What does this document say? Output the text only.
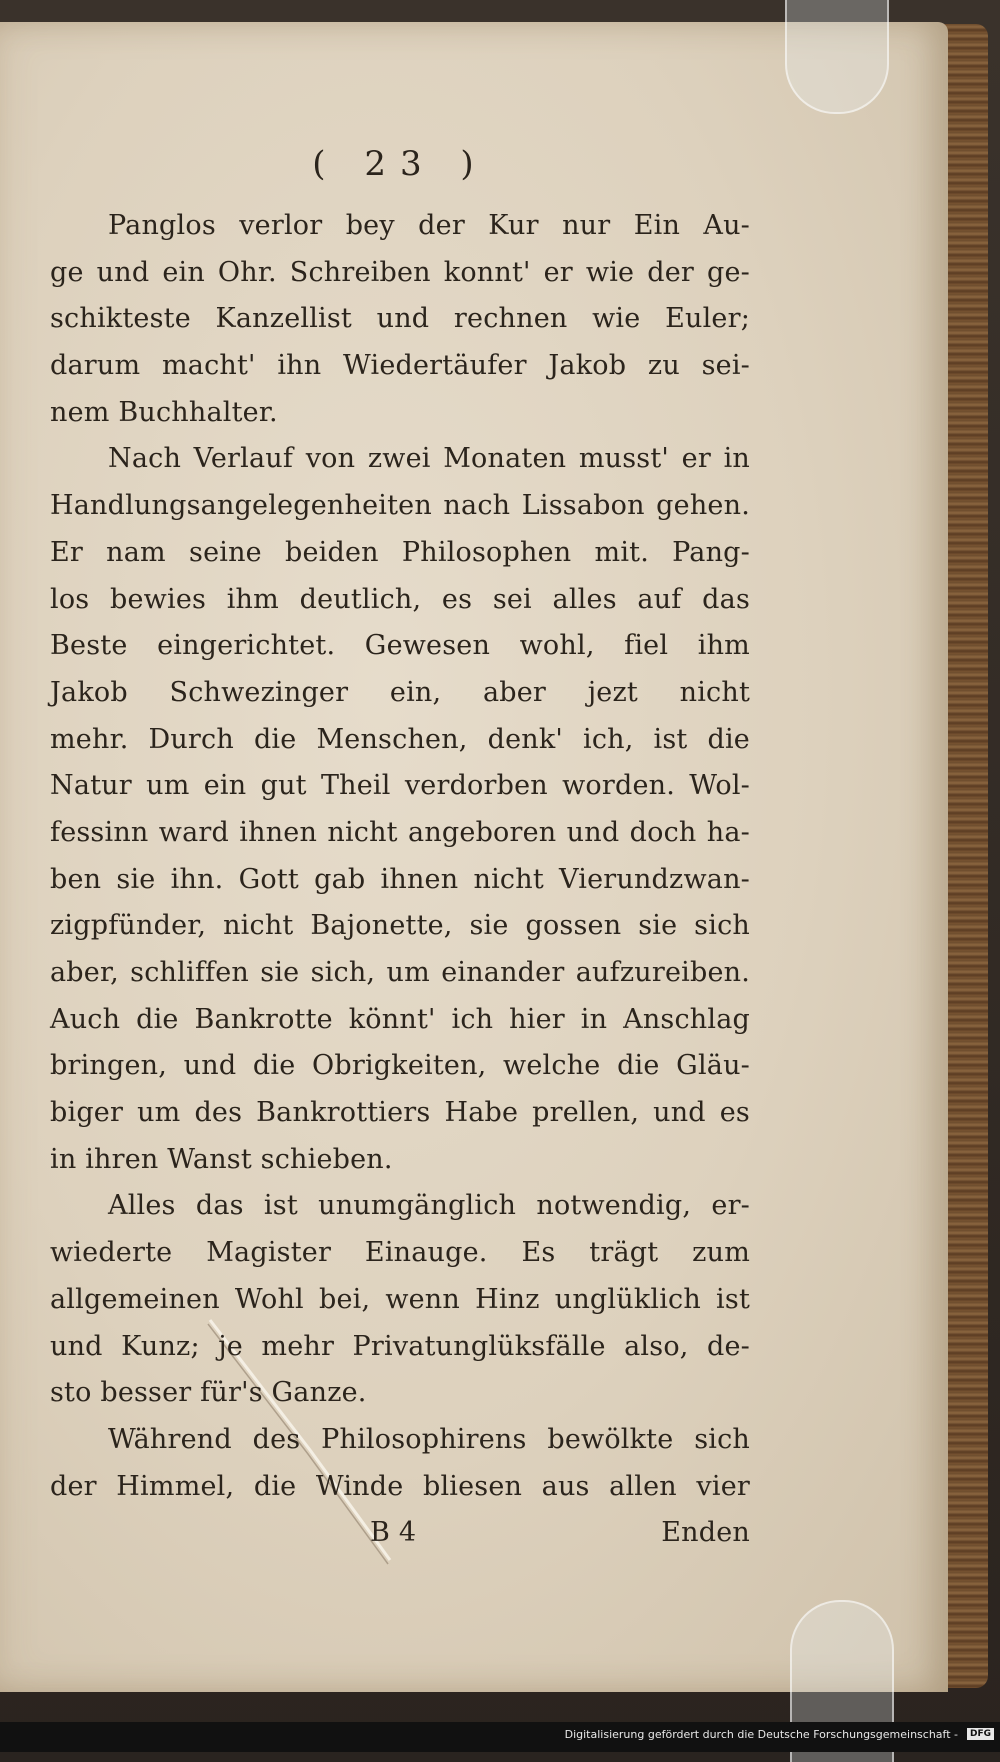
( 23 )
Panglos verlor bey der Kur nur Ein Au-
ge und ein Ohr. Schreiben konnt' er wie der ge-
schikteste Kanzellist und rechnen wie Euler;
darum macht' ihn Wiedertäufer Jakob zu sei-
nem Buchhalter.
Nach Verlauf von zwei Monaten musst' er in
Handlungsangelegenheiten nach Lissabon gehen.
Er nam seine beiden Philosophen mit. Pang-
los bewies ihm deutlich, es sei alles auf das
Beste eingerichtet. Gewesen wohl, fiel ihm
Jakob Schwezinger ein, aber jezt nicht
mehr. Durch die Menschen, denk' ich, ist die
Natur um ein gut Theil verdorben worden. Wol-
fessinn ward ihnen nicht angeboren und doch ha-
ben sie ihn. Gott gab ihnen nicht Vierundzwan-
zigpfünder, nicht Bajonette, sie gossen sie sich
aber, schliffen sie sich, um einander aufzureiben.
Auch die Bankrotte könnt' ich hier in Anschlag
bringen, und die Obrigkeiten, welche die Gläu-
biger um des Bankrottiers Habe prellen, und es
in ihren Wanst schieben.
Alles das ist unumgänglich notwendig, er-
wiederte Magister Einauge. Es trägt zum
allgemeinen Wohl bei, wenn Hinz unglüklich ist
und Kunz; je mehr Privatunglüksfälle also, de-
sto besser für's Ganze.
Während des Philosophirens bewölkte sich
der Himmel, die Winde bliesen aus allen vier
B 4	Enden
Digitalisierung gefördert durch die Deutsche Forschungsgemeinschaft -	DFG
